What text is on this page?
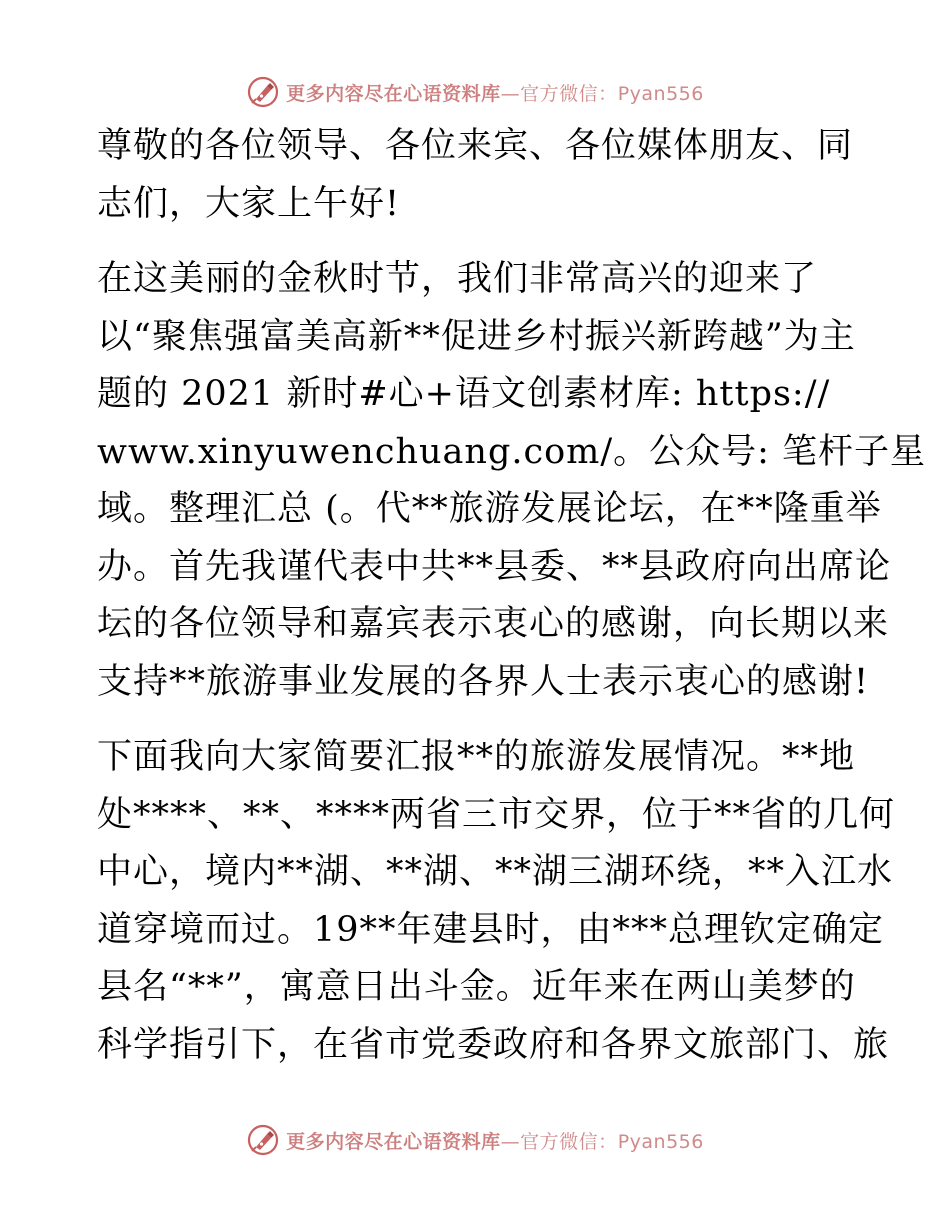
更多内容尽在心语资料库—官方微信：Pyan556
尊敬的各位领导、各位来宾、各位媒体朋友、同
志们，大家上午好!
在这美丽的金秋时节，我们非常高兴的迎来了
以“聚焦强富美高新**促进乡村振兴新跨越”为主
题的 2021 新时#心+语文创素材库: https://
www.xinyuwenchuang.com/。公众号: 笔杆子星
域。整理汇总 (。代**旅游发展论坛，在**隆重举
办。首先我谨代表中共**县委、**县政府向出席论
坛的各位领导和嘉宾表示衷心的感谢，向长期以来
支持**旅游事业发展的各界人士表示衷心的感谢!
下面我向大家简要汇报**的旅游发展情况。**地
处****、**、****两省三市交界，位于**省的几何
中心，境内**湖、**湖、**湖三湖环绕，**入江水
道穿境而过。19**年建县时，由***总理钦定确定
县名“**”，寓意日出斗金。近年来在两山美梦的
科学指引下，在省市党委政府和各界文旅部门、旅
更多内容尽在心语资料库—官方微信：Pyan556
